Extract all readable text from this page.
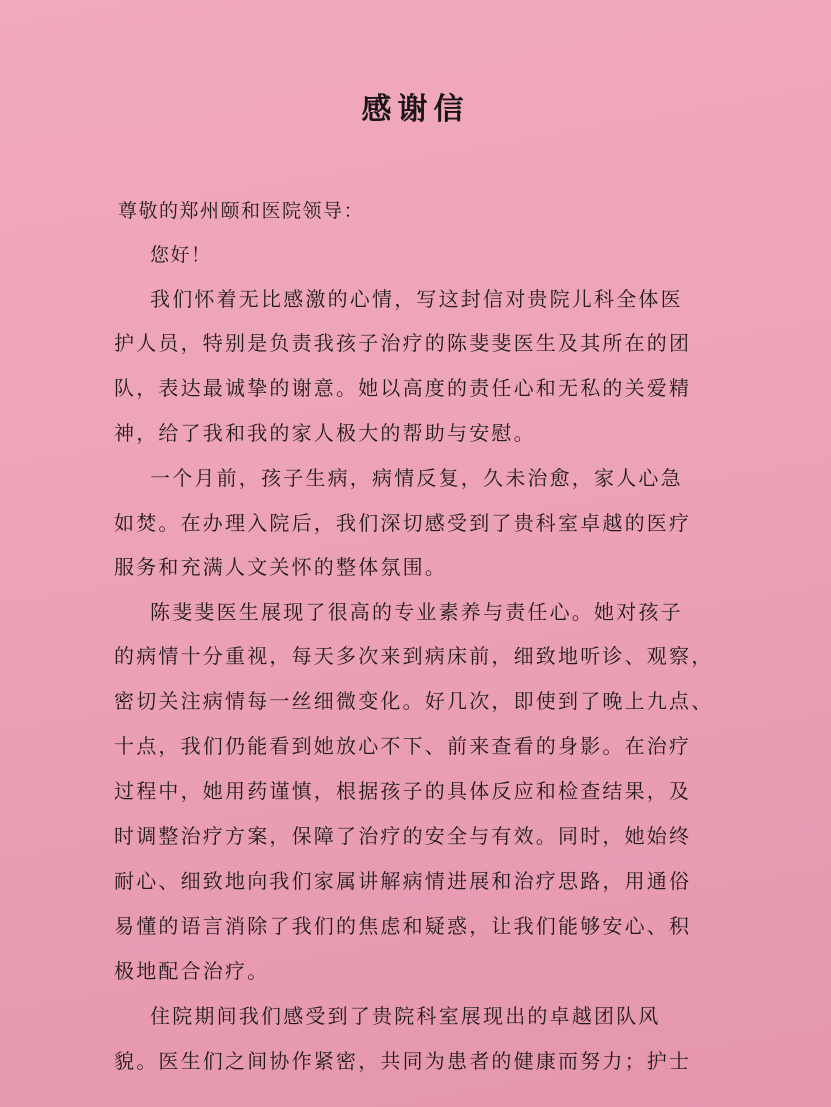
感谢信
尊敬的郑州颐和医院领导：
您好！
我们怀着无比感激的心情，写这封信对贵院儿科全体医
护人员，特别是负责我孩子治疗的陈斐斐医生及其所在的团
队，表达最诚挚的谢意。她以高度的责任心和无私的关爱精
神，给了我和我的家人极大的帮助与安慰。
一个月前，孩子生病，病情反复，久未治愈，家人心急
如焚。在办理入院后，我们深切感受到了贵科室卓越的医疗
服务和充满人文关怀的整体氛围。
陈斐斐医生展现了很高的专业素养与责任心。她对孩子
的病情十分重视，每天多次来到病床前，细致地听诊、观察，
密切关注病情每一丝细微变化。好几次，即使到了晚上九点、
十点，我们仍能看到她放心不下、前来查看的身影。在治疗
过程中，她用药谨慎，根据孩子的具体反应和检查结果，及
时调整治疗方案，保障了治疗的安全与有效。同时，她始终
耐心、细致地向我们家属讲解病情进展和治疗思路，用通俗
易懂的语言消除了我们的焦虑和疑惑，让我们能够安心、积
极地配合治疗。
住院期间我们感受到了贵院科室展现出的卓越团队风
貌。医生们之间协作紧密，共同为患者的健康而努力；护士
